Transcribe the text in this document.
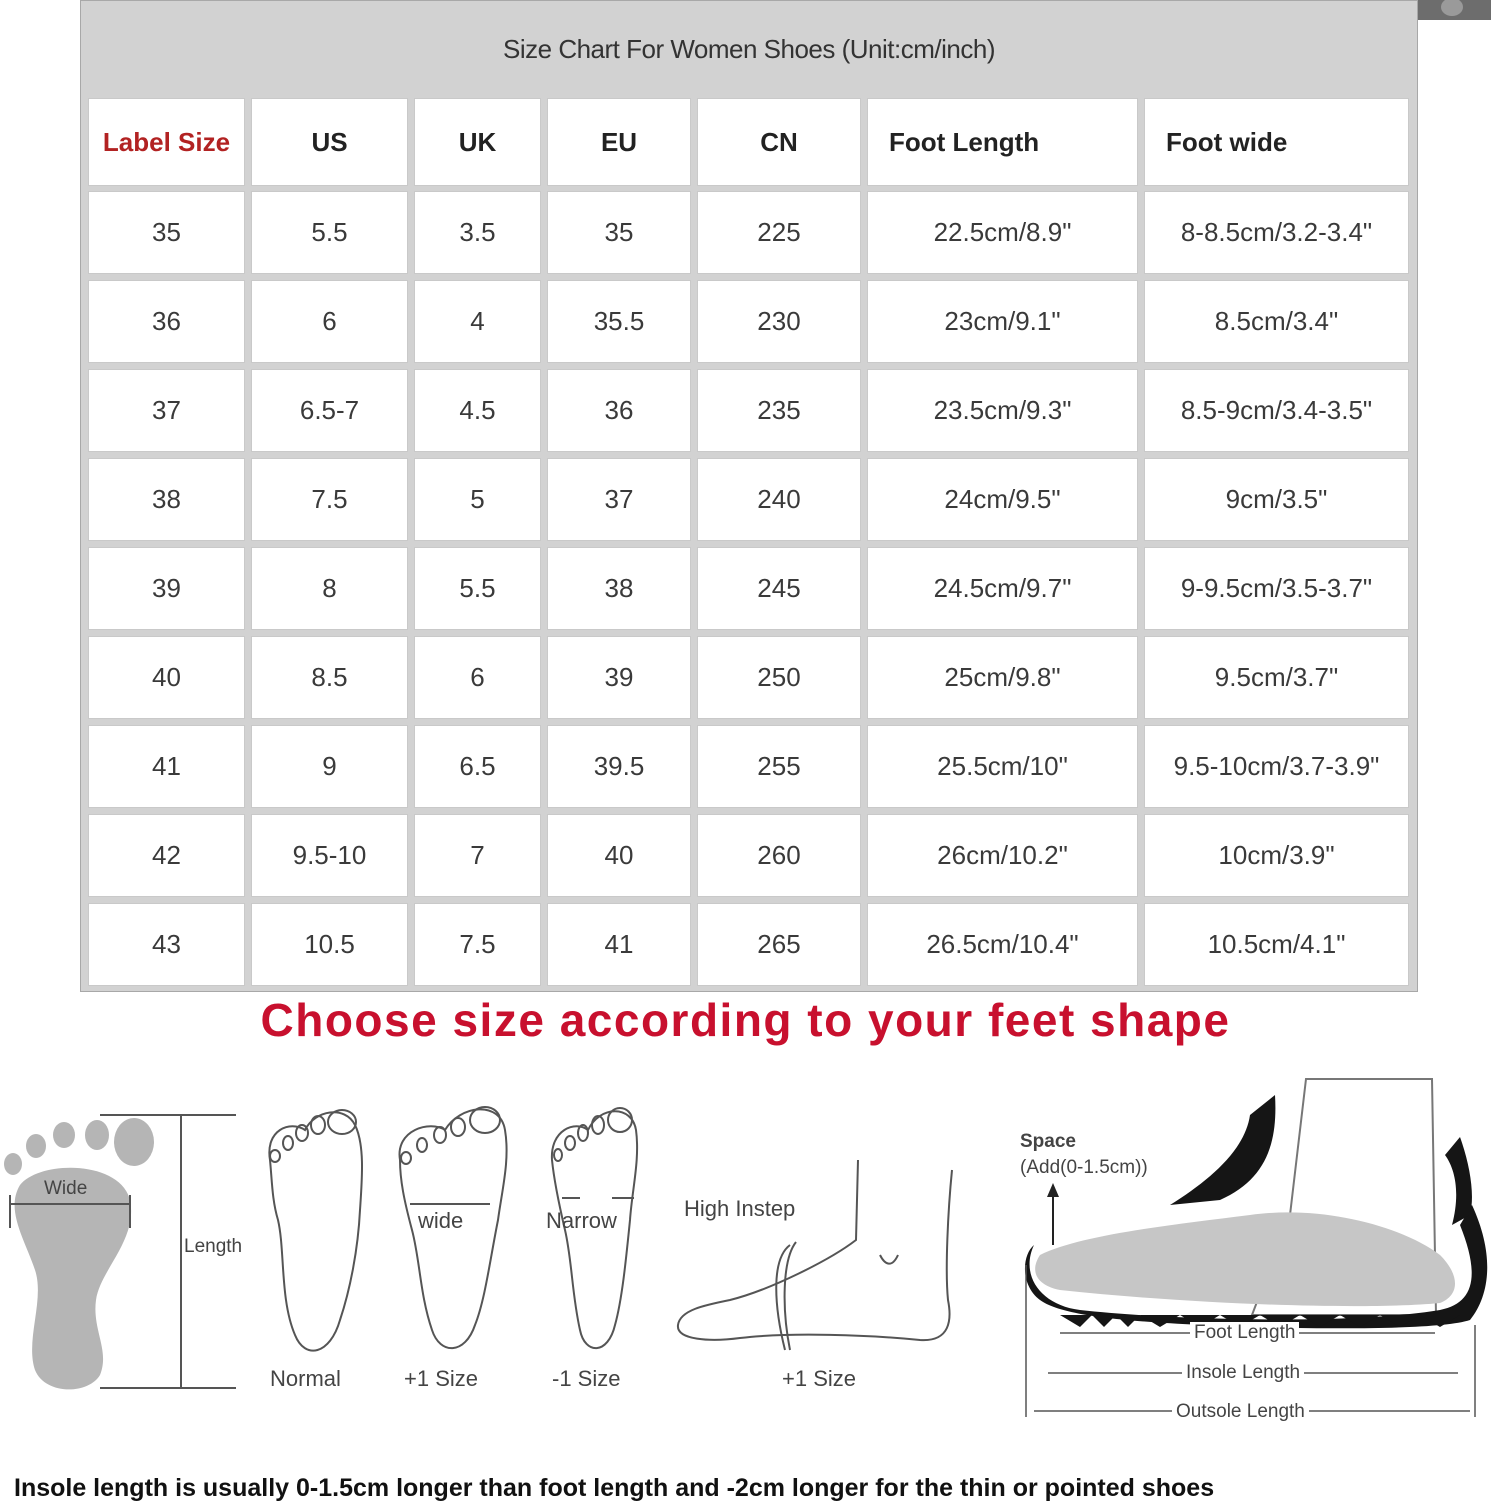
Size Chart For Women Shoes (Unit:cm/inch)
Label Size	US	UK	EU	CN	Foot Length	Foot wide
35	5.5	3.5	35	225	22.5cm/8.9"	8-8.5cm/3.2-3.4"
36	6	4	35.5	230	23cm/9.1"	8.5cm/3.4"
37	6.5-7	4.5	36	235	23.5cm/9.3"	8.5-9cm/3.4-3.5"
38	7.5	5	37	240	24cm/9.5"	9cm/3.5"
39	8	5.5	38	245	24.5cm/9.7"	9-9.5cm/3.5-3.7"
40	8.5	6	39	250	25cm/9.8"	9.5cm/3.7"
41	9	6.5	39.5	255	25.5cm/10"	9.5-10cm/3.7-3.9"
42	9.5-10	7	40	260	26cm/10.2"	10cm/3.9"
43	10.5	7.5	41	265	26.5cm/10.4"	10.5cm/4.1"
Choose size according to your feet shape
Wide
Length
Normal
wide
+1 Size
Narrow
-1 Size
High Instep
+1 Size
Space
(Add(0-1.5cm))
Foot Length
Insole Length
Outsole Length
Insole length is usually 0-1.5cm longer than foot length and -2cm longer for the thin or pointed shoes
